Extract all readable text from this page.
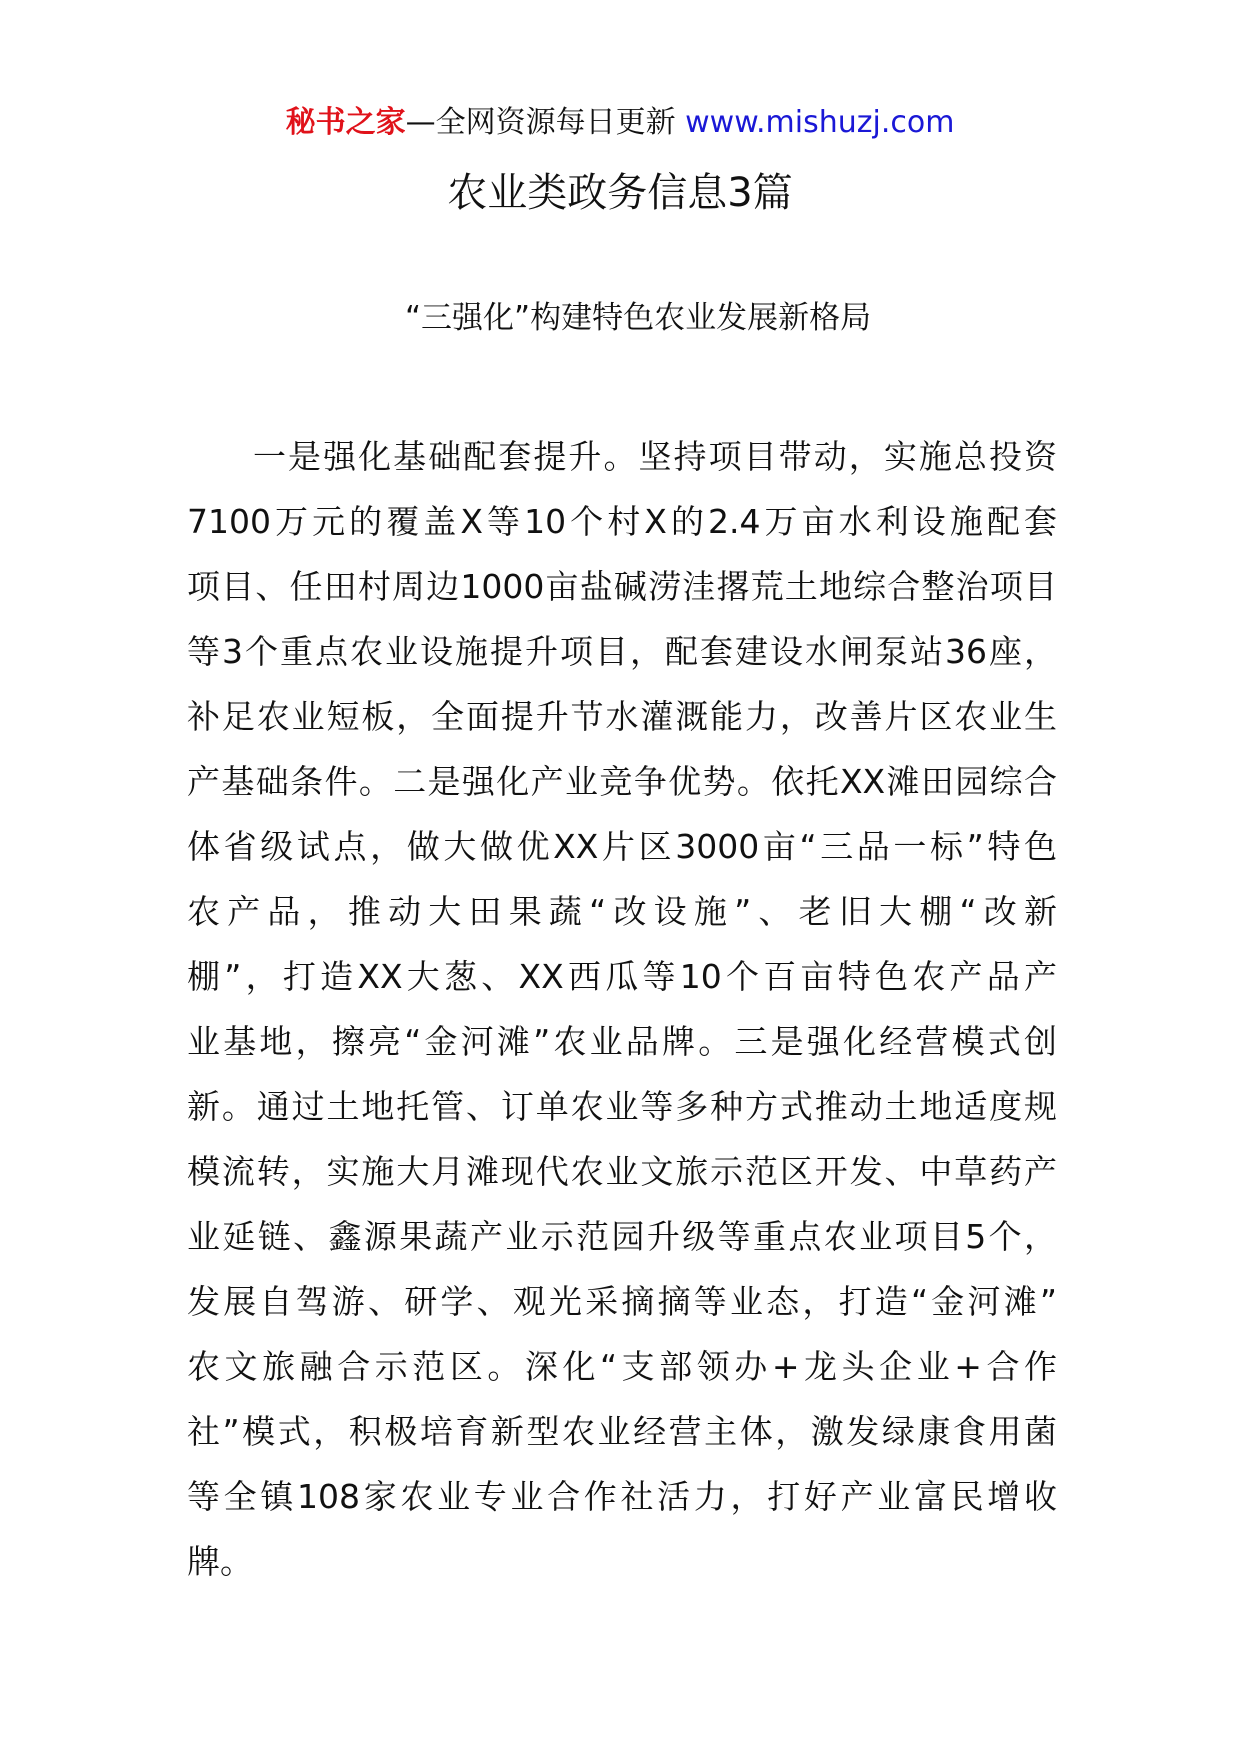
秘书之家—全网资源每日更新 www.mishuzj.com
农业类政务信息3篇
“三强化”构建特色农业发展新格局
一是强化基础配套提升。坚持项目带动，实施总投资
7100万元的覆盖X等10个村X的2.4万亩水利设施配套
项目、任田村周边1000亩盐碱涝洼撂荒土地综合整治项目
等3个重点农业设施提升项目，配套建设水闸泵站36座，
补足农业短板，全面提升节水灌溉能力，改善片区农业生
产基础条件。二是强化产业竞争优势。依托XX滩田园综合
体省级试点，做大做优XX片区3000亩“三品一标”特色
农产品，推动大田果蔬“改设施”、老旧大棚“改新
棚”，打造XX大葱、XX西瓜等10个百亩特色农产品产
业基地，擦亮“金河滩”农业品牌。三是强化经营模式创
新。通过土地托管、订单农业等多种方式推动土地适度规
模流转，实施大月滩现代农业文旅示范区开发、中草药产
业延链、鑫源果蔬产业示范园升级等重点农业项目5个，
发展自驾游、研学、观光采摘摘等业态，打造“金河滩”
农文旅融合示范区。深化“支部领办+龙头企业+合作
社”模式，积极培育新型农业经营主体，激发绿康食用菌
等全镇108家农业专业合作社活力，打好产业富民增收
牌。
